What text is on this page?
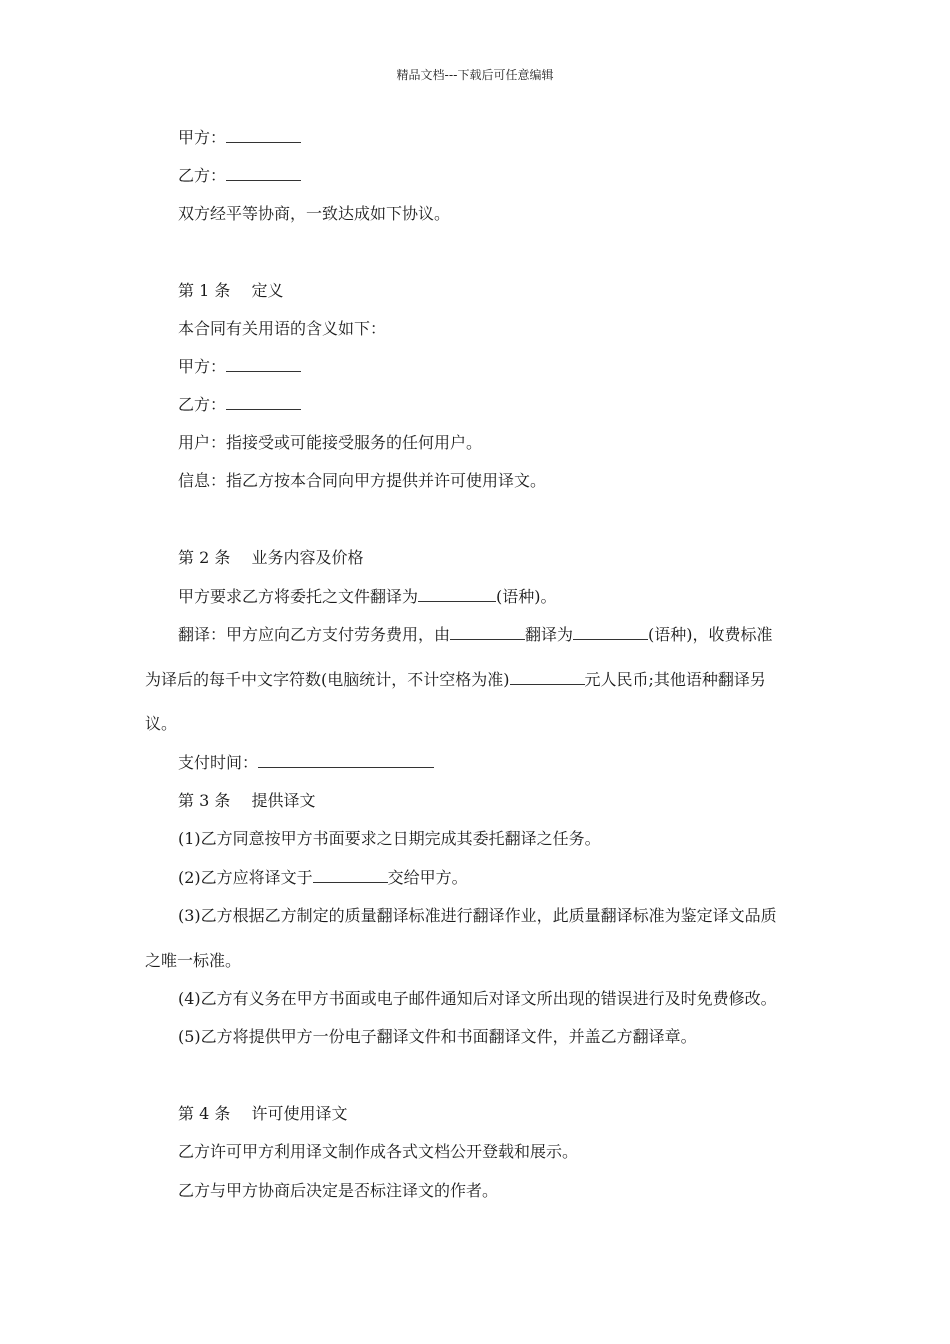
精品文档---下载后可任意编辑
甲方：
乙方：
双方经平等协商，一致达成如下协议。
第 1 条　 定义
本合同有关用语的含义如下：
甲方：
乙方：
用户：指接受或可能接受服务的任何用户。
信息：指乙方按本合同向甲方提供并许可使用译文。
第 2 条　 业务内容及价格
甲方要求乙方将委托之文件翻译为	(语种)。
翻译：甲方应向乙方支付劳务费用，由	翻译为	(语种)，收费标准
为译后的每千中文字符数(电脑统计，不计空格为准)	元人民币;其他语种翻译另
议。
支付时间：
第 3 条　 提供译文
(1)乙方同意按甲方书面要求之日期完成其委托翻译之任务。
(2)乙方应将译文于	交给甲方。
(3)乙方根据乙方制定的质量翻译标准进行翻译作业，此质量翻译标准为鉴定译文品质
之唯一标准。
(4)乙方有义务在甲方书面或电子邮件通知后对译文所出现的错误进行及时免费修改。
(5)乙方将提供甲方一份电子翻译文件和书面翻译文件，并盖乙方翻译章。
第 4 条　 许可使用译文
乙方许可甲方利用译文制作成各式文档公开登载和展示。
乙方与甲方协商后决定是否标注译文的作者。
